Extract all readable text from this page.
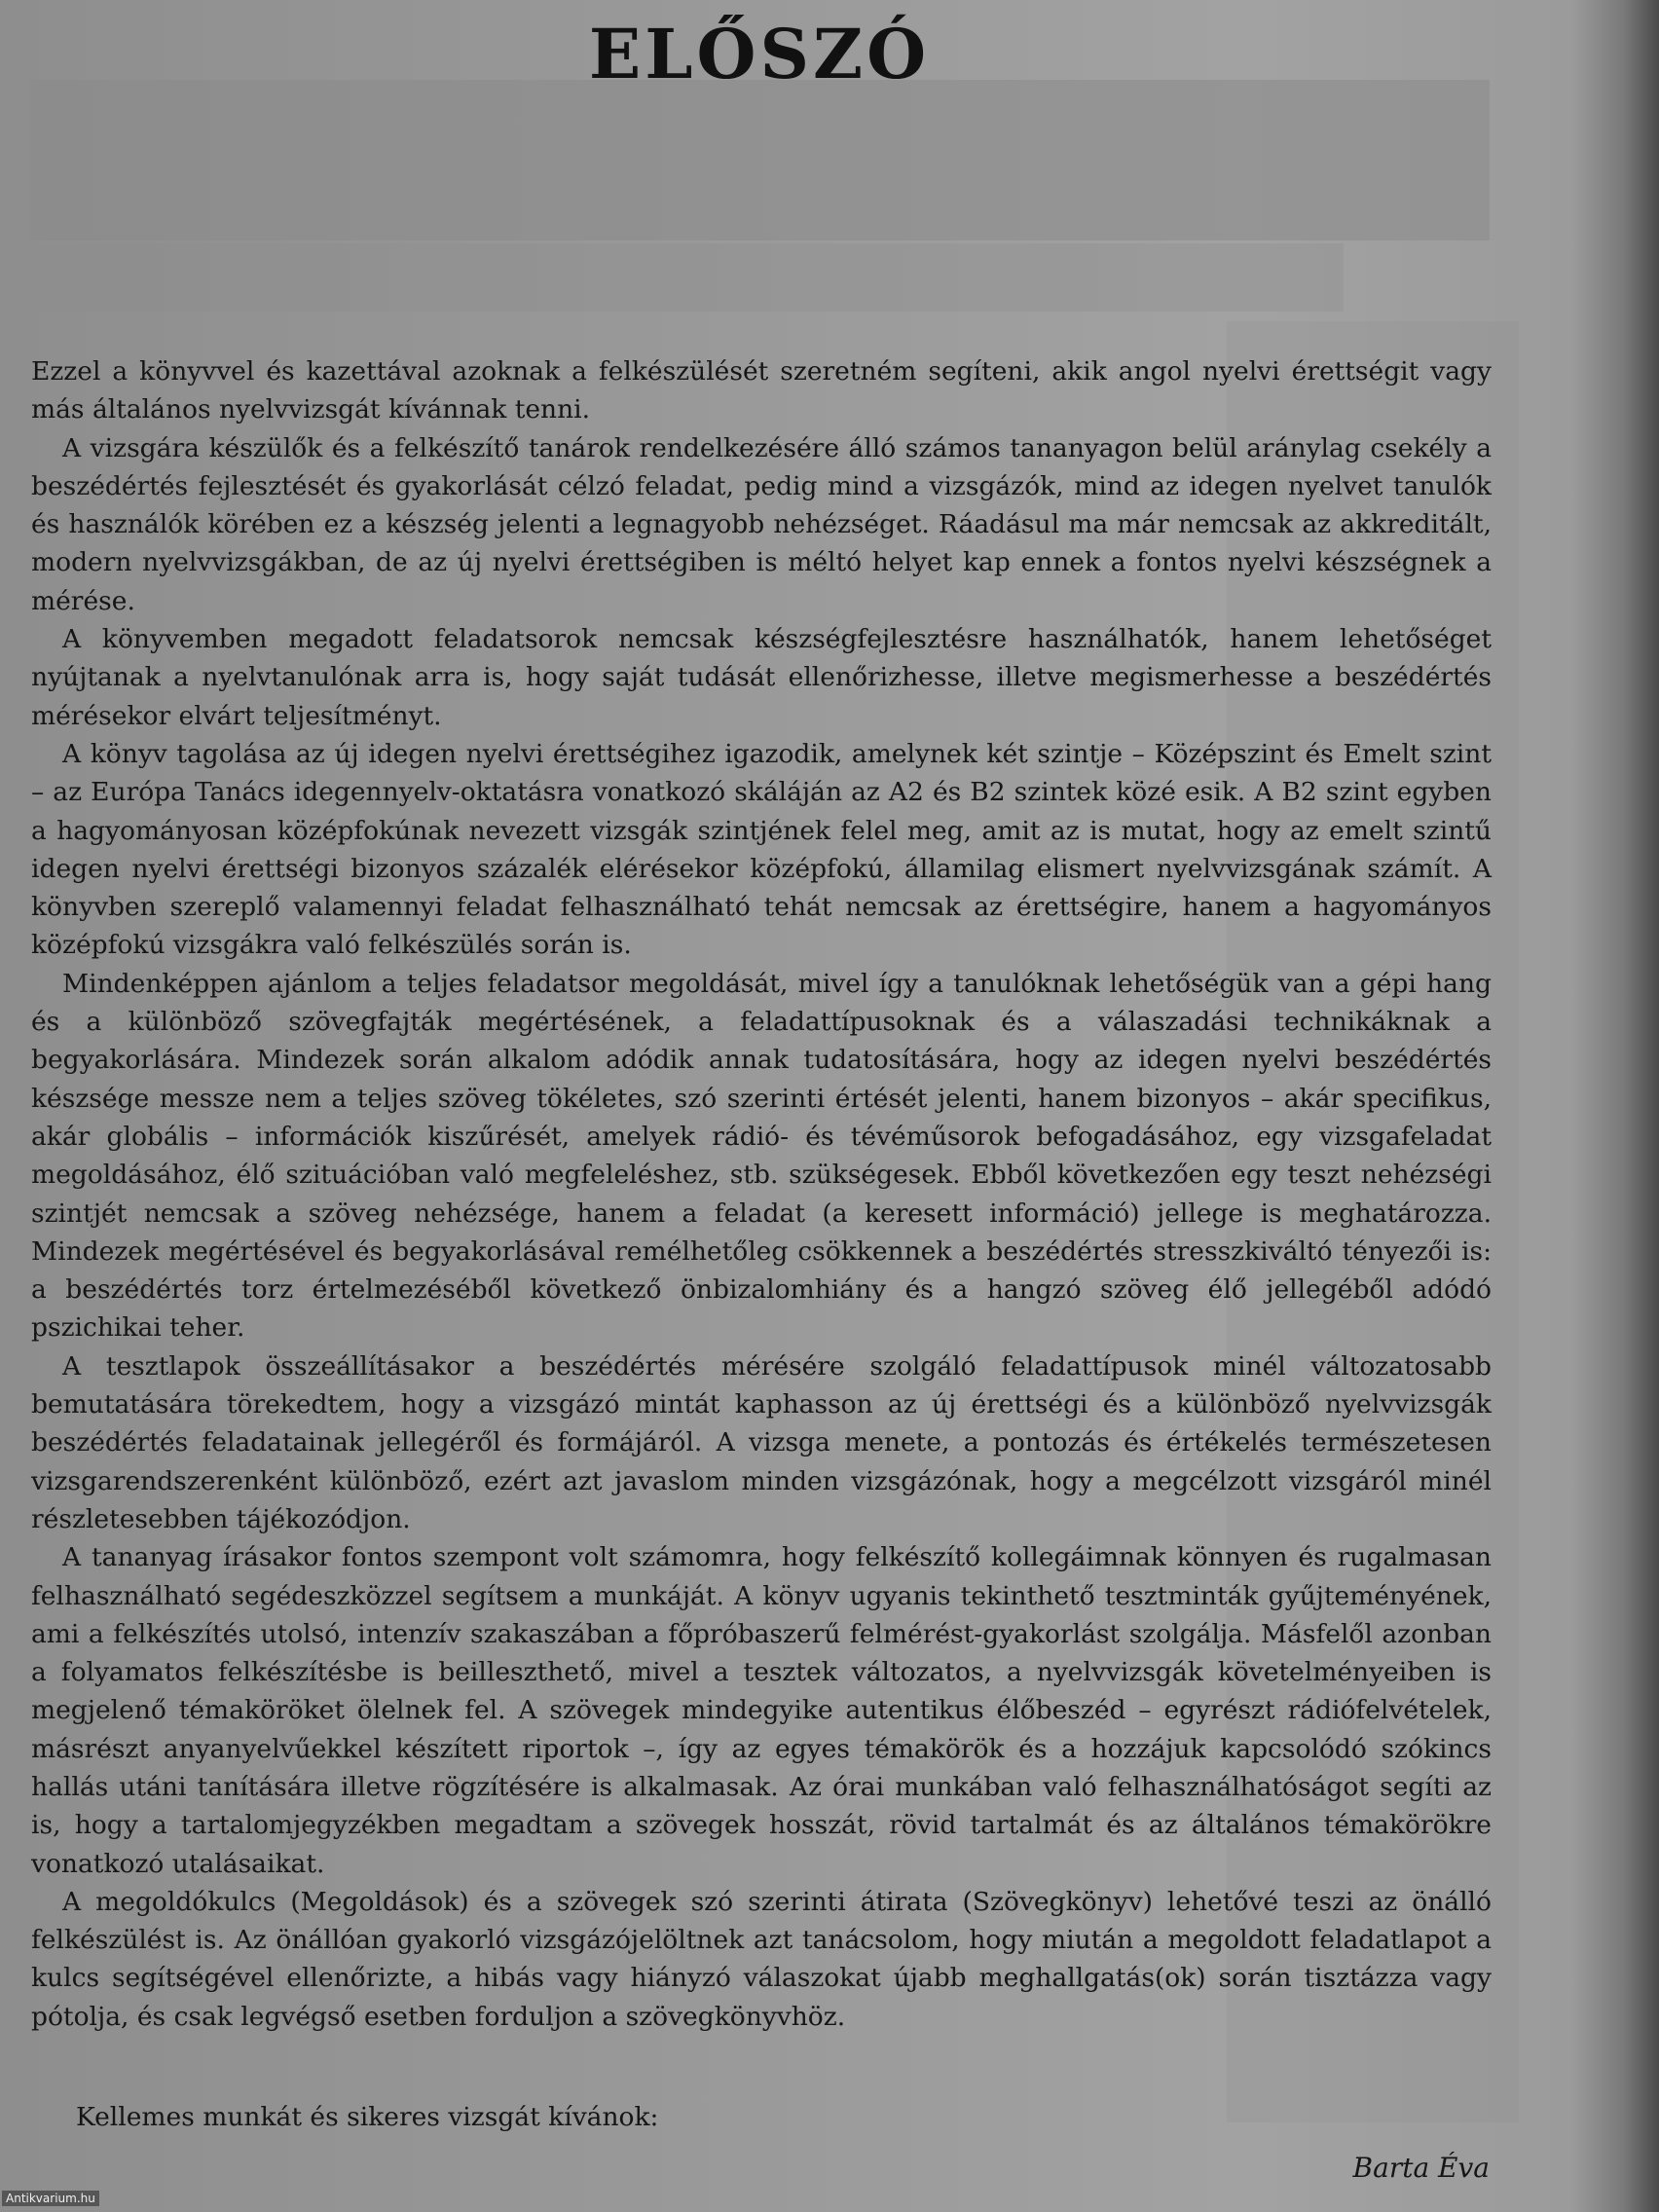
ELŐSZÓ

Ezzel a könyvvel és kazettával azoknak a felkészülését szeretném segíteni, akik angol nyelvi érettségit vagy más általános nyelvvizsgát kívánnak tenni.

A vizsgára készülők és a felkészítő tanárok rendelkezésére álló számos tananyagon belül aránylag csekély a beszédértés fejlesztését és gyakorlását célzó feladat, pedig mind a vizsgázók, mind az idegen nyelvet tanulók és használók körében ez a készség jelenti a legnagyobb nehézséget. Ráadásul ma már nemcsak az akkreditált, modern nyelvvizsgákban, de az új nyelvi érettségiben is méltó helyet kap ennek a fontos nyelvi készségnek a mérése.

A könyvemben megadott feladatsorok nemcsak készségfejlesztésre használhatók, hanem lehetőséget nyújtanak a nyelvtanulónak arra is, hogy saját tudását ellenőrizhesse, illetve megismerhesse a beszédértés mérésekor elvárt teljesítményt.

A könyv tagolása az új idegen nyelvi érettségihez igazodik, amelynek két szintje – Középszint és Emelt szint – az Európa Tanács idegennyelv-oktatásra vonatkozó skáláján az A2 és B2 szintek közé esik. A B2 szint egyben a hagyományosan középfokúnak nevezett vizsgák szintjének felel meg, amit az is mutat, hogy az emelt szintű idegen nyelvi érettségi bizonyos százalék elérésekor középfokú, államilag elismert nyelvvizsgának számít. A könyvben szereplő valamennyi feladat felhasználható tehát nemcsak az érettségire, hanem a hagyományos középfokú vizsgákra való felkészülés során is.

Mindenképpen ajánlom a teljes feladatsor megoldását, mivel így a tanulóknak lehetőségük van a gépi hang és a különböző szövegfajták megértésének, a feladattípusoknak és a válaszadási technikáknak a begyakorlására. Mindezek során alkalom adódik annak tudatosítására, hogy az idegen nyelvi beszédértés készsége messze nem a teljes szöveg tökéletes, szó szerinti értését jelenti, hanem bizonyos – akár specifikus, akár globális – információk kiszűrését, amelyek rádió- és tévéműsorok befogadásához, egy vizsgafeladat megoldásához, élő szituációban való megfeleléshez, stb. szükségesek. Ebből következően egy teszt nehézségi szintjét nemcsak a szöveg nehézsége, hanem a feladat (a keresett információ) jellege is meghatározza. Mindezek megértésével és begyakorlásával remélhetőleg csökkennek a beszédértés stresszkiváltó tényezői is: a beszédértés torz értelmezéséből következő önbizalomhiány és a hangzó szöveg élő jellegéből adódó pszichikai teher.

A tesztlapok összeállításakor a beszédértés mérésére szolgáló feladattípusok minél változatosabb bemutatására törekedtem, hogy a vizsgázó mintát kaphasson az új érettségi és a különböző nyelvvizsgák beszédértés feladatainak jellegéről és formájáról. A vizsga menete, a pontozás és értékelés természetesen vizsgarendszerenként különböző, ezért azt javaslom minden vizsgázónak, hogy a megcélzott vizsgáról minél részletesebben tájékozódjon.

A tananyag írásakor fontos szempont volt számomra, hogy felkészítő kollegáimnak könnyen és rugalmasan felhasználható segédeszközzel segítsem a munkáját. A könyv ugyanis tekinthető tesztminták gyűjteményének, ami a felkészítés utolsó, intenzív szakaszában a főpróbaszerű felmérést-gyakorlást szolgálja. Másfelől azonban a folyamatos felkészítésbe is beilleszthető, mivel a tesztek változatos, a nyelvvizsgák követelményeiben is megjelenő témaköröket ölelnek fel. A szövegek mindegyike autentikus élőbeszéd – egyrészt rádiófelvételek, másrészt anyanyelvűekkel készített riportok –, így az egyes témakörök és a hozzájuk kapcsolódó szókincs hallás utáni tanítására illetve rögzítésére is alkalmasak. Az órai munkában való felhasználhatóságot segíti az is, hogy a tartalomjegyzékben megadtam a szövegek hosszát, rövid tartalmát és az általános témakörökre vonatkozó utalásaikat.

A megoldókulcs (Megoldások) és a szövegek szó szerinti átirata (Szövegkönyv) lehetővé teszi az önálló felkészülést is. Az önállóan gyakorló vizsgázójelöltnek azt tanácsolom, hogy miután a megoldott feladatlapot a kulcs segítségével ellenőrizte, a hibás vagy hiányzó válaszokat újabb meghallgatás(ok) során tisztázza vagy pótolja, és csak legvégső esetben forduljon a szövegkönyvhöz.

Kellemes munkát és sikeres vizsgát kívánok:

Barta Éva

Antikvarium.hu
